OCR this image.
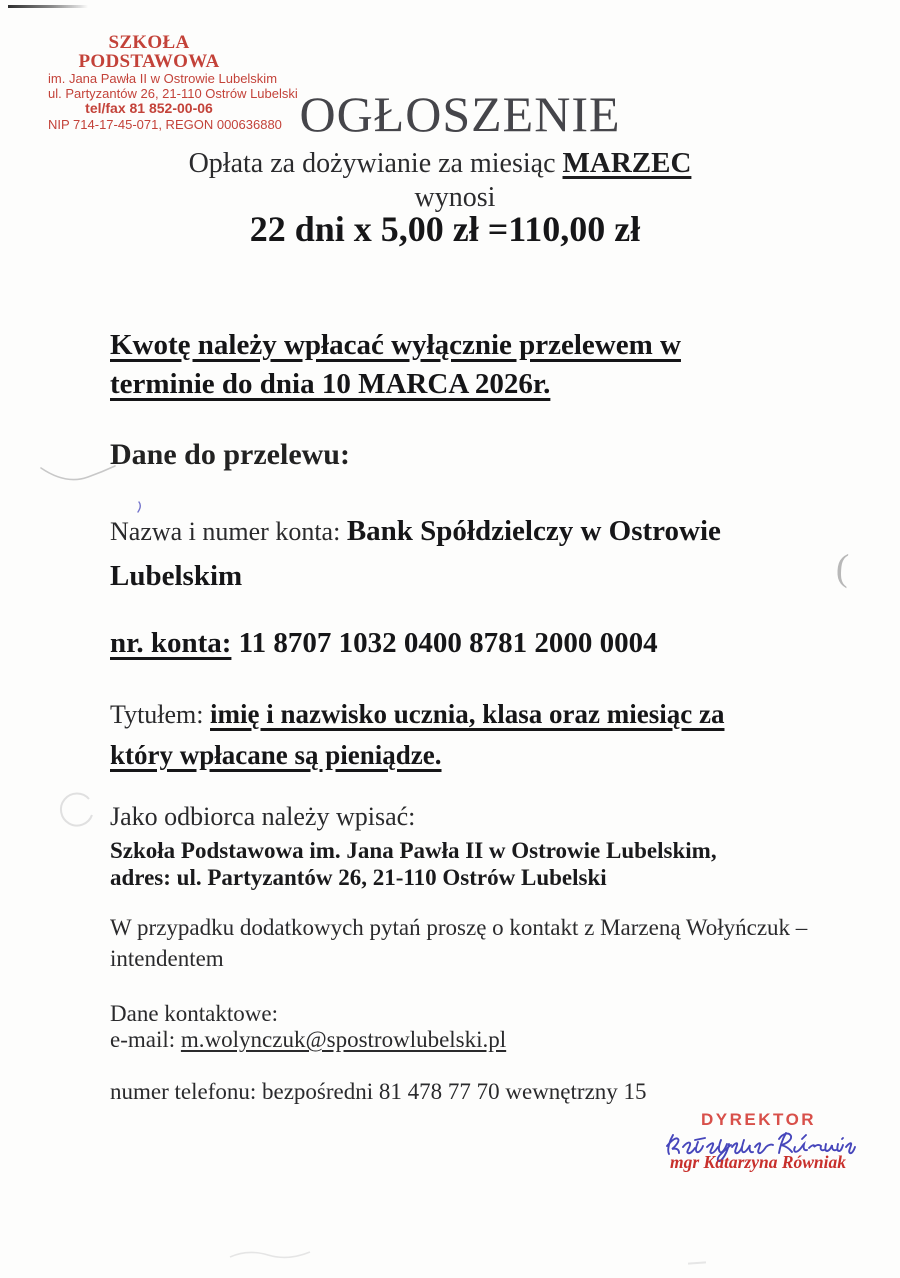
(
SZKOŁA PODSTAWOWA
im. Jana Pawła II w Ostrowie Lubelskim
ul. Partyzantów 26, 21-110 Ostrów Lubelski
tel/fax 81 852-00-06
NIP 714-17-45-071, REGON 000636880 OGŁOSZENIE
Opłata za dożywianie za miesiąc MARZEC
wynosi
22 dni x 5,00 zł =110,00 zł
Kwotę należy wpłacać wyłącznie przelewem w
terminie do dnia 10 MARCA 2026r.
Dane do przelewu:
Nazwa i numer konta: Bank Spółdzielczy w Ostrowie
Lubelskim
nr. konta: 11 8707 1032 0400 8781 2000 0004
Tytułem: imię i nazwisko ucznia, klasa oraz miesiąc za
który wpłacane są pieniądze.
Jako odbiorca należy wpisać:
Szkoła Podstawowa im. Jana Pawła II w Ostrowie Lubelskim,
adres: ul. Partyzantów 26, 21-110 Ostrów Lubelski
W przypadku dodatkowych pytań proszę o kontakt z Marzeną Wołyńczuk –
intendentem
Dane kontaktowe:
e-mail: m.wolynczuk@spostrowlubelski.pl
numer telefonu: bezpośredni 81 478 77 70 wewnętrzny 15
DYREKTOR
mgr Katarzyna Równiak
